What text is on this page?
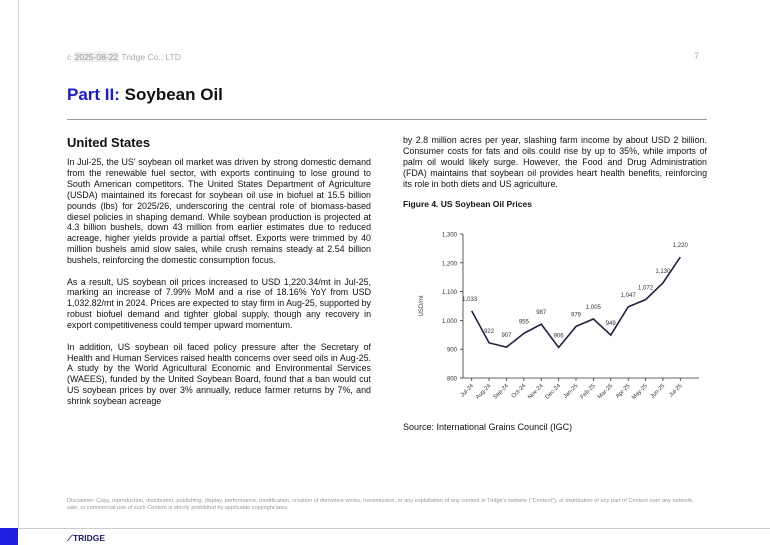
c 2025-08-22 Tridge Co., LTD	7
Part II: Soybean Oil
United States

In Jul-25, the US' soybean oil market was driven by strong domestic demand from the renewable fuel sector, with exports continuing to lose ground to South American competitors. The United States Department of Agriculture (USDA) maintained its forecast for soybean oil use in biofuel at 15.5 billion pounds (lbs) for 2025/26, underscoring the central role of biomass-based diesel policies in shaping demand. While soybean production is projected at 4.3 billion bushels, down 43 million from earlier estimates due to reduced acreage, higher yields provide a partial offset. Exports were trimmed by 40 million bushels amid slow sales, while crush remains steady at 2.54 billion bushels, reinforcing the domestic consumption focus.

As a result, US soybean oil prices increased to USD 1,220.34/mt in Jul-25, marking an increase of 7.99% MoM and a rise of 18.16% YoY from USD 1,032.82/mt in 2024. Prices are expected to stay firm in Aug-25, supported by robust biofuel demand and tighter global supply, though any recovery in export competitiveness could temper upward momentum.

In addition, US soybean oil faced policy pressure after the Secretary of Health and Human Services raised health concerns over seed oils in Aug-25. A study by the World Agricultural Economic and Environmental Services (WAEES), funded by the United Soybean Board, found that a ban would cut US soybean prices by over 3% annually, reduce farmer returns by 7%, and shrink soybean acreage

by 2.8 million acres per year, slashing farm income by about USD 2 billion. Consumer costs for fats and oils could rise by up to 35%, while imports of palm oil would likely surge. However, the Food and Drug Administration (FDA) maintains that soybean oil provides heart health benefits, reinforcing its role in both diets and US agriculture.

Figure 4. US Soybean Oil Prices
800
900
1,000
1,100
1,200
1,300
USD/mt
Jul-24
1,033
Aug-24
922
Sep-24
907
Oct-24
955
Nov-24
987
Dec-24
906
Jan-25
979
Feb-25
1,005
Mar-25
949
Apr-25
1,047
May-25
1,072
Jun-25
1,130
Jul-25
1,220
Source: International Grains Council (IGC)
Disclaimer: Copy, reproduction, distribution, publishing, display, performance, modification, creation of derivative works, transmission, or any exploitation of any content in Tridge's website ("Content"), or distribution of any part of Content over any network, sale, or commercial use of such Content is strictly prohibited by applicable copyright laws.
⟋TRIDGE
